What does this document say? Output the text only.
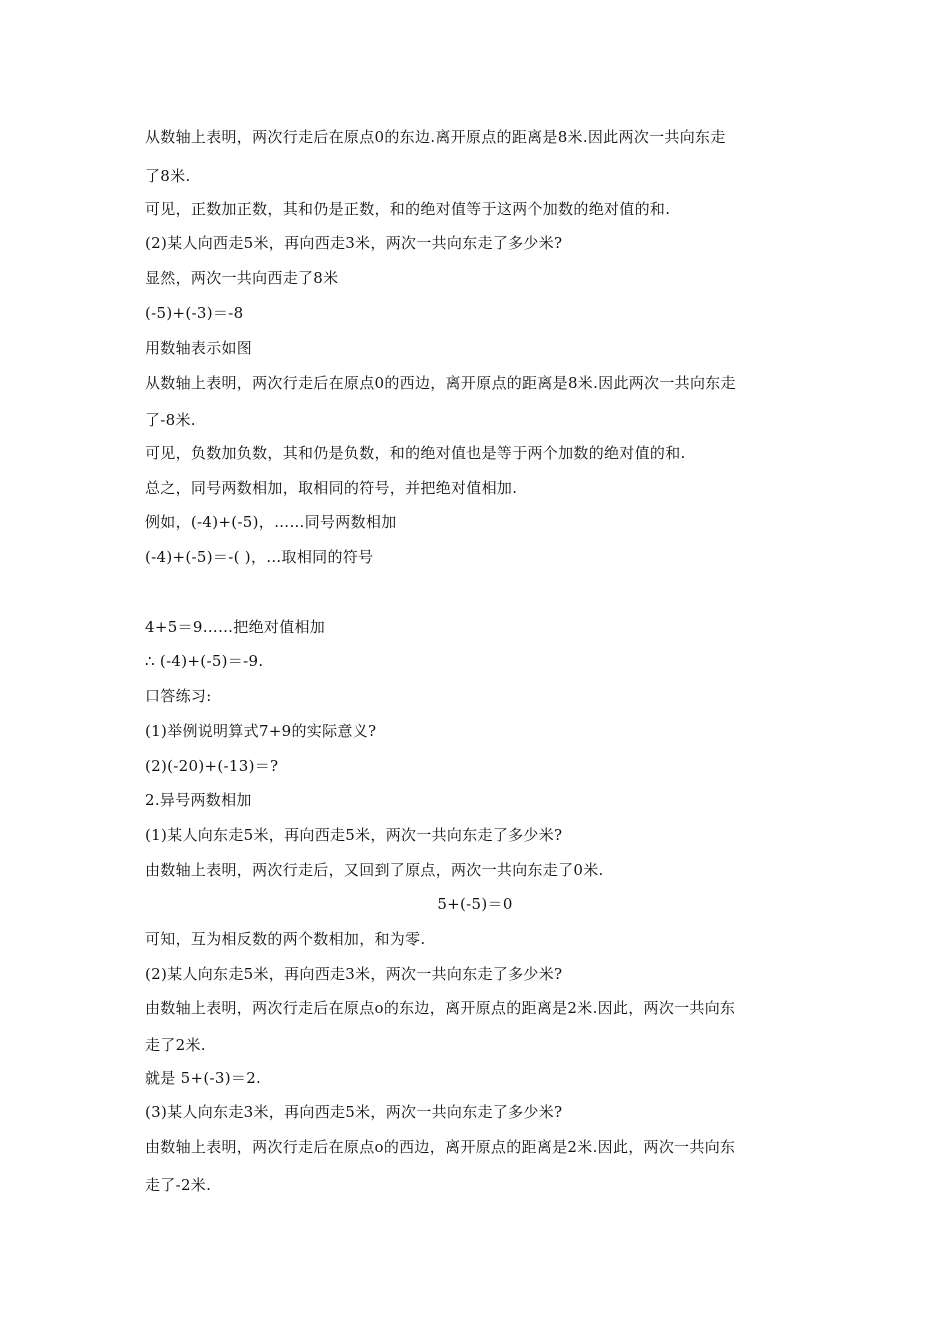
从数轴上表明，两次行走后在原点0的东边.离开原点的距离是8米.因此两次一共向东走
了8米.
可见，正数加正数，其和仍是正数，和的绝对值等于这两个加数的绝对值的和.
(2)某人向西走5米，再向西走3米，两次一共向东走了多少米?
显然，两次一共向西走了8米
(-5)+(-3)＝-8
用数轴表示如图
从数轴上表明，两次行走后在原点0的西边，离开原点的距离是8米.因此两次一共向东走
了-8米.
可见，负数加负数，其和仍是负数，和的绝对值也是等于两个加数的绝对值的和.
总之，同号两数相加，取相同的符号，并把绝对值相加.
例如，(-4)+(-5)，……同号两数相加
(-4)+(-5)＝-( )，…取相同的符号
4+5＝9……把绝对值相加
∴ (-4)+(-5)＝-9.
口答练习:
(1)举例说明算式7+9的实际意义?
(2)(-20)+(-13)＝?
2.异号两数相加
(1)某人向东走5米，再向西走5米，两次一共向东走了多少米?
由数轴上表明，两次行走后，又回到了原点，两次一共向东走了0米.
5+(-5)＝0
可知，互为相反数的两个数相加，和为零.
(2)某人向东走5米，再向西走3米，两次一共向东走了多少米?
由数轴上表明，两次行走后在原点o的东边，离开原点的距离是2米.因此，两次一共向东
走了2米.
就是 5+(-3)＝2.
(3)某人向东走3米，再向西走5米，两次一共向东走了多少米?
由数轴上表明，两次行走后在原点o的西边，离开原点的距离是2米.因此，两次一共向东
走了-2米.
